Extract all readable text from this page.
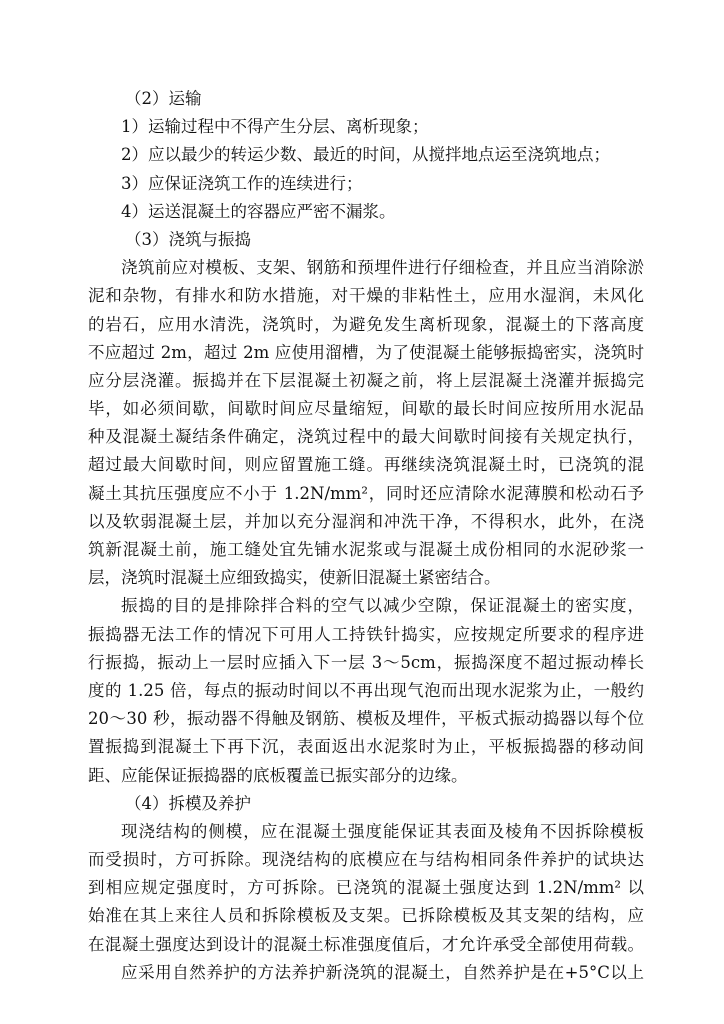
（2）运输
1）运输过程中不得产生分层、离析现象；
2）应以最少的转运少数、最近的时间，从搅拌地点运至浇筑地点；
3）应保证浇筑工作的连续进行；
4）运送混凝土的容器应严密不漏浆。
（3）浇筑与振捣
浇筑前应对模板、支架、钢筋和预埋件进行仔细检查，并且应当消除淤
泥和杂物，有排水和防水措施，对干燥的非粘性土，应用水湿润，未风化
的岩石，应用水清洗，浇筑时，为避免发生离析现象，混凝土的下落高度
不应超过 2m，超过 2m 应使用溜槽，为了使混凝土能够振捣密实，浇筑时
应分层浇灌。振捣并在下层混凝土初凝之前，将上层混凝土浇灌并振捣完
毕，如必须间歇，间歇时间应尽量缩短，间歇的最长时间应按所用水泥品
种及混凝土凝结条件确定，浇筑过程中的最大间歇时间接有关规定执行，
超过最大间歇时间，则应留置施工缝。再继续浇筑混凝土时，已浇筑的混
凝土其抗压强度应不小于 1.2N/mm²，同时还应清除水泥薄膜和松动石予
以及软弱混凝土层，并加以充分湿润和冲洗干净，不得积水，此外，在浇
筑新混凝土前，施工缝处宜先铺水泥浆或与混凝土成份相同的水泥砂浆一
层，浇筑时混凝土应细致捣实，使新旧混凝土紧密结合。
振捣的目的是排除拌合料的空气以减少空隙，保证混凝土的密实度，
振捣器无法工作的情况下可用人工持铁针捣实，应按规定所要求的程序进
行振捣，振动上一层时应插入下一层 3～5cm，振捣深度不超过振动棒长
度的 1.25 倍，每点的振动时间以不再出现气泡而出现水泥浆为止，一般约
20～30 秒，振动器不得触及钢筋、模板及埋件，平板式振动捣器以每个位
置振捣到混凝土下再下沉，表面返出水泥浆时为止，平板振捣器的移动间
距、应能保证振捣器的底板覆盖已振实部分的边缘。
（4）拆模及养护
现浇结构的侧模，应在混凝土强度能保证其表面及棱角不因拆除模板
而受损时，方可拆除。现浇结构的底模应在与结构相同条件养护的试块达
到相应规定强度时，方可拆除。已浇筑的混凝土强度达到 1.2N/mm² 以
始准在其上来往人员和拆除模板及支架。已拆除模板及其支架的结构，应
在混凝土强度达到设计的混凝土标准强度值后，才允许承受全部使用荷载。
应采用自然养护的方法养护新浇筑的混凝土，自然养护是在+5°C以上
